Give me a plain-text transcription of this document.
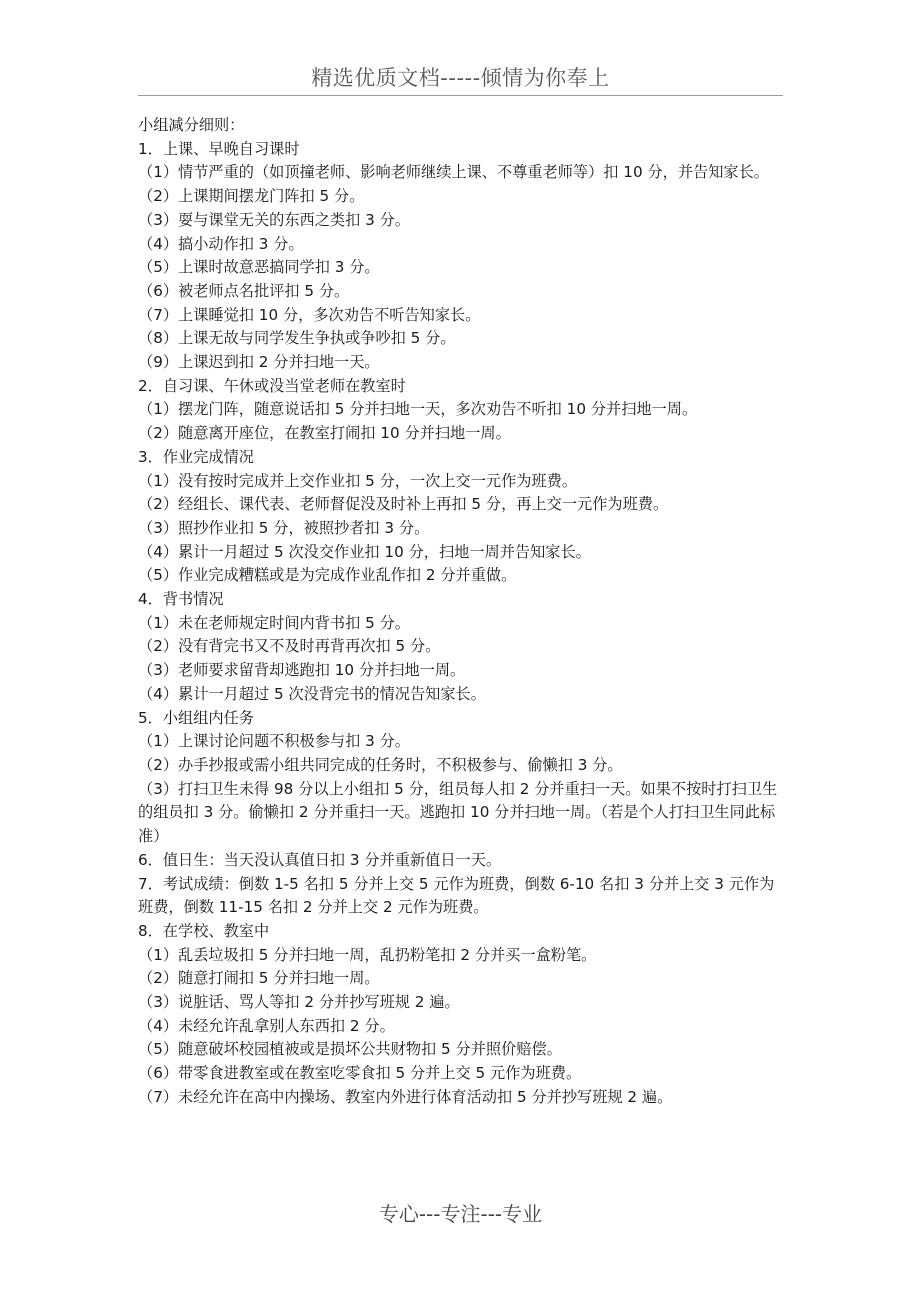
精选优质文档-----倾情为你奉上
小组减分细则：
1．上课、早晚自习课时
（1）情节严重的（如顶撞老师、影响老师继续上课、不尊重老师等）扣 10 分，并告知家长。
（2）上课期间摆龙门阵扣 5 分。
（3）耍与课堂无关的东西之类扣 3 分。
（4）搞小动作扣 3 分。
（5）上课时故意恶搞同学扣 3 分。
（6）被老师点名批评扣 5 分。
（7）上课睡觉扣 10 分，多次劝告不听告知家长。
（8）上课无故与同学发生争执或争吵扣 5 分。
（9）上课迟到扣 2 分并扫地一天。
2．自习课、午休或没当堂老师在教室时
（1）摆龙门阵，随意说话扣 5 分并扫地一天，多次劝告不听扣 10 分并扫地一周。
（2）随意离开座位，在教室打闹扣 10 分并扫地一周。
3．作业完成情况
（1）没有按时完成并上交作业扣 5 分，一次上交一元作为班费。
（2）经组长、课代表、老师督促没及时补上再扣 5 分，再上交一元作为班费。
（3）照抄作业扣 5 分，被照抄者扣 3 分。
（4）累计一月超过 5 次没交作业扣 10 分，扫地一周并告知家长。
（5）作业完成糟糕或是为完成作业乱作扣 2 分并重做。
4．背书情况
（1）未在老师规定时间内背书扣 5 分。
（2）没有背完书又不及时再背再次扣 5 分。
（3）老师要求留背却逃跑扣 10 分并扫地一周。
（4）累计一月超过 5 次没背完书的情况告知家长。
5．小组组内任务
（1）上课讨论问题不积极参与扣 3 分。
（2）办手抄报或需小组共同完成的任务时，不积极参与、偷懒扣 3 分。
（3）打扫卫生未得 98 分以上小组扣 5 分，组员每人扣 2 分并重扫一天。如果不按时打扫卫生的组员扣 3 分。偷懒扣 2 分并重扫一天。逃跑扣 10 分并扫地一周。（若是个人打扫卫生同此标准）
6．值日生：当天没认真值日扣 3 分并重新值日一天。
7．考试成绩：倒数 1-5 名扣 5 分并上交 5 元作为班费，倒数 6-10 名扣 3 分并上交 3 元作为班费，倒数 11-15 名扣 2 分并上交 2 元作为班费。
8．在学校、教室中
（1）乱丢垃圾扣 5 分并扫地一周，乱扔粉笔扣 2 分并买一盒粉笔。
（2）随意打闹扣 5 分并扫地一周。
（3）说脏话、骂人等扣 2 分并抄写班规 2 遍。
（4）未经允许乱拿别人东西扣 2 分。
（5）随意破坏校园植被或是损坏公共财物扣 5 分并照价赔偿。
（6）带零食进教室或在教室吃零食扣 5 分并上交 5 元作为班费。
（7）未经允许在高中内操场、教室内外进行体育活动扣 5 分并抄写班规 2 遍。
专心---专注---专业
